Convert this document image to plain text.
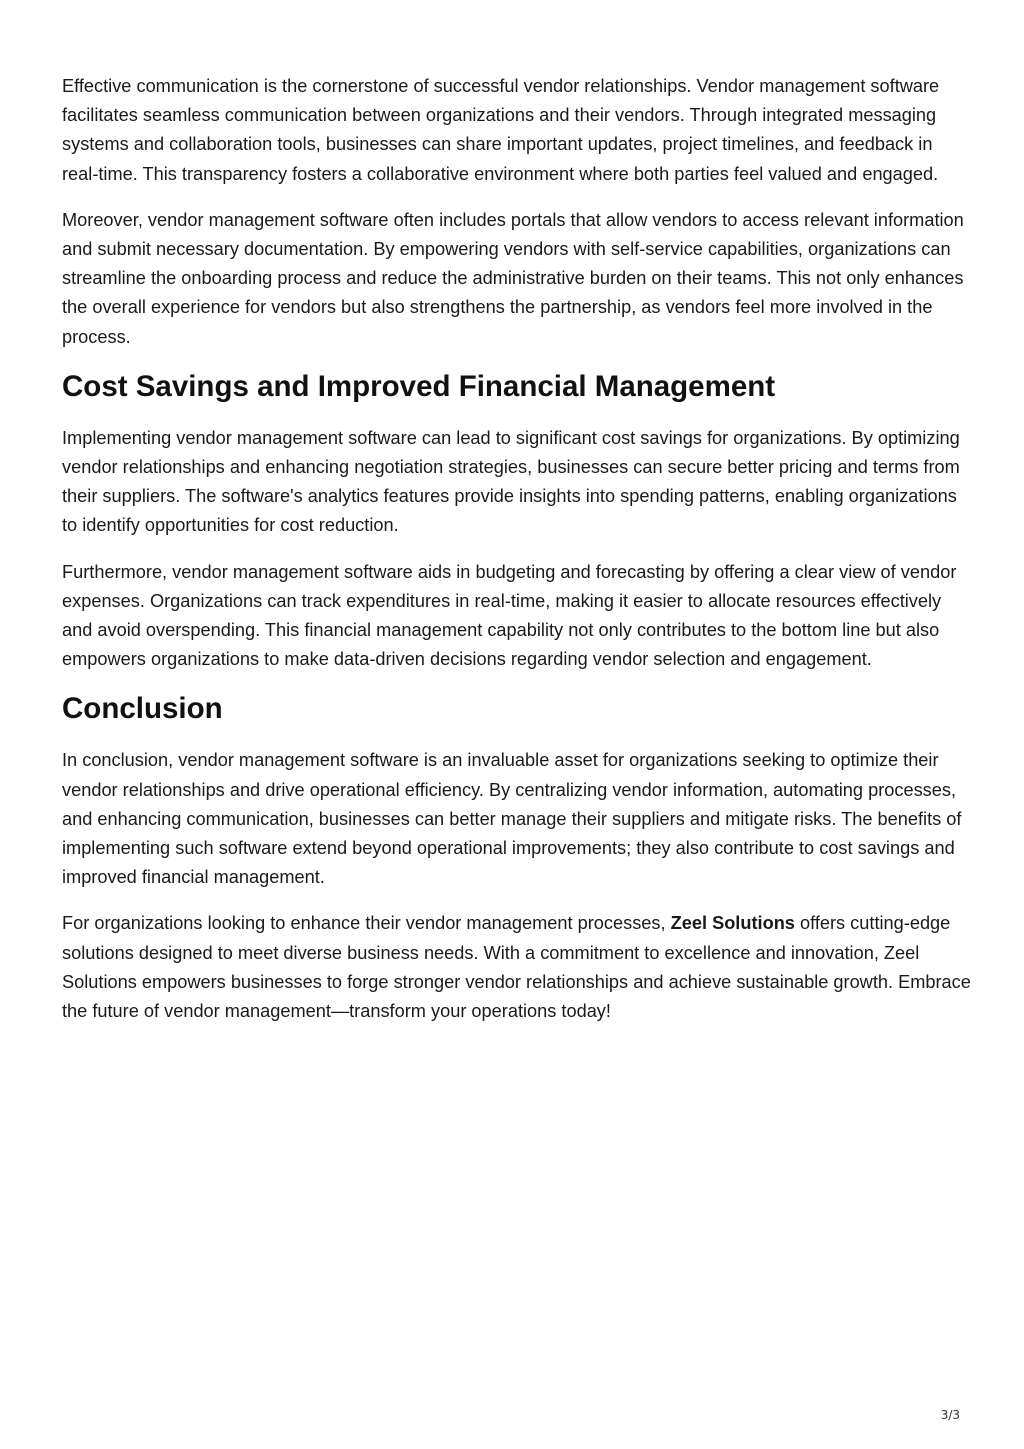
Effective communication is the cornerstone of successful vendor relationships. Vendor management software facilitates seamless communication between organizations and their vendors. Through integrated messaging systems and collaboration tools, businesses can share important updates, project timelines, and feedback in real-time. This transparency fosters a collaborative environment where both parties feel valued and engaged.

Moreover, vendor management software often includes portals that allow vendors to access relevant information and submit necessary documentation. By empowering vendors with self-service capabilities, organizations can streamline the onboarding process and reduce the administrative burden on their teams. This not only enhances the overall experience for vendors but also strengthens the partnership, as vendors feel more involved in the process.

Cost Savings and Improved Financial Management

Implementing vendor management software can lead to significant cost savings for organizations. By optimizing vendor relationships and enhancing negotiation strategies, businesses can secure better pricing and terms from their suppliers. The software's analytics features provide insights into spending patterns, enabling organizations to identify opportunities for cost reduction.

Furthermore, vendor management software aids in budgeting and forecasting by offering a clear view of vendor expenses. Organizations can track expenditures in real-time, making it easier to allocate resources effectively and avoid overspending. This financial management capability not only contributes to the bottom line but also empowers organizations to make data-driven decisions regarding vendor selection and engagement.

Conclusion

In conclusion, vendor management software is an invaluable asset for organizations seeking to optimize their vendor relationships and drive operational efficiency. By centralizing vendor information, automating processes, and enhancing communication, businesses can better manage their suppliers and mitigate risks. The benefits of implementing such software extend beyond operational improvements; they also contribute to cost savings and improved financial management.

For organizations looking to enhance their vendor management processes, Zeel Solutions offers cutting-edge solutions designed to meet diverse business needs. With a commitment to excellence and innovation, Zeel Solutions empowers businesses to forge stronger vendor relationships and achieve sustainable growth. Embrace the future of vendor management—transform your operations today!

3/3
